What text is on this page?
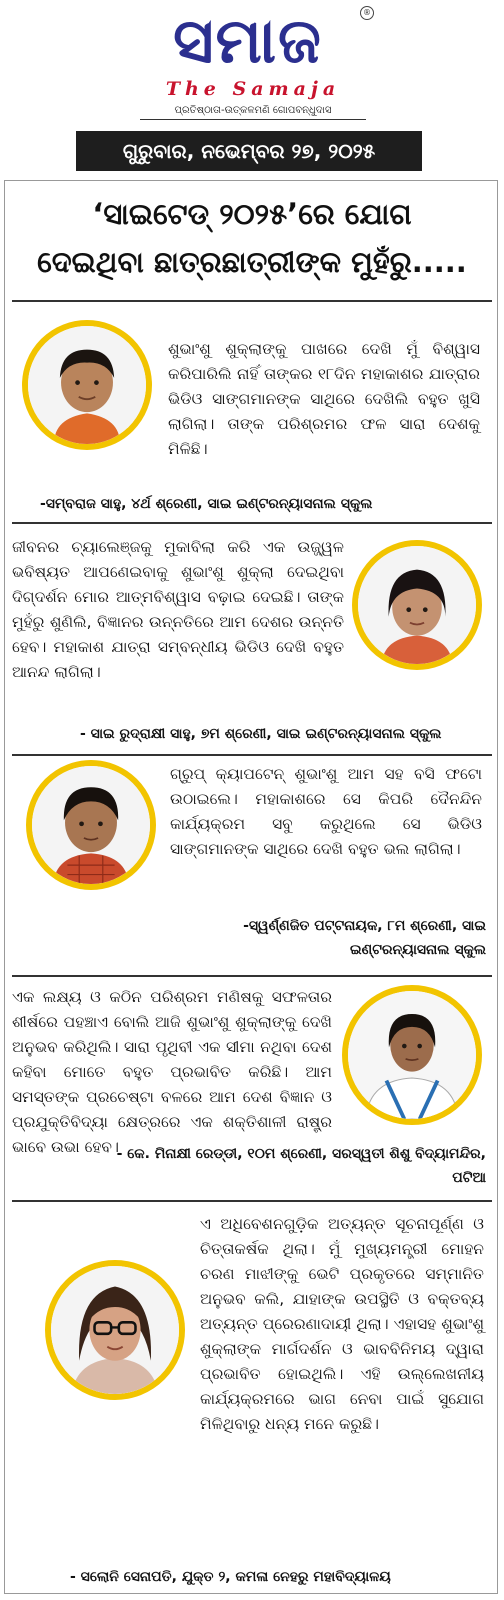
ସମାଜ	®
The Samaja
ପ୍ରତିଷ୍ଠାତା-ଉତ୍କଳମଣି ଗୋପବନ୍ଧୁଦାସ
ଗୁରୁବାର, ନଭେମ୍ବର ୨୭, ୨୦୨୫
‘ସାଇଟେଡ୍ ୨୦୨୫’ରେ ଯୋଗ
ଦେଇଥିବା ଛାତ୍ରଛାତ୍ରୀଙ୍କ ମୁହଁରୁ.....
ଶୁଭାଂଶୁ ଶୁକ୍ଲାଙ୍କୁ ପାଖରେ ଦେଖି ମୁଁ ବିଶ୍ୱାସ କରିପାରିଲି ନାହିଁ ତାଙ୍କର ୧୮ଦିନ ମହାକାଶର ଯାତ୍ରାର ଭିଡିଓ ସାଙ୍ଗମାନଙ୍କ ସାଥିରେ ଦେଖିଲି ବହୁତ ଖୁସି ଲାଗିଲା। ତାଙ୍କ ପରିଶ୍ରମର ଫଳ ସାରା ଦେଶକୁ ମିଳିଛି।
-ସମ୍ବରାଜ ସାହୁ, ୪ର୍ଥ ଶ୍ରେଣୀ, ସାଇ ଇଣ୍ଟରନ୍ୟାସନାଲ ସ୍କୁଲ
ଜୀବନର ଚ୍ୟାଲେଞ୍ଜକୁ ମୁକାବିଲା କରି ଏକ ଉଜ୍ଜ୍ୱଳ ଭବିଷ୍ୟତ ଆପଣେଇବାକୁ ଶୁଭାଂଶୁ ଶୁକ୍ଲା ଦେଇଥିବା ଦିଗ୍‌ଦର୍ଶନ ମୋର ଆତ୍ମବିଶ୍ୱାସ ବଢ଼ାଇ ଦେଇଛି। ତାଙ୍କ ମୁହଁରୁ ଶୁଣିଲି, ବିଜ୍ଞାନର ଉନ୍ନତିରେ ଆମ ଦେଶର ଉନ୍ନତି ହେବ। ମହାକାଶ ଯାତ୍ରା ସମ୍ବନ୍ଧୀୟ ଭିଡିଓ ଦେଖି ବହୁତ ଆନନ୍ଦ ଲାଗିଲା।
- ସାଇ ରୁଦ୍ରାକ୍ଷୀ ସାହୁ, ୭ମ ଶ୍ରେଣୀ, ସାଇ ଇଣ୍ଟରନ୍ୟାସନାଲ ସ୍କୁଲ
ଗ୍ରୁପ୍ କ୍ୟାପଟେନ୍ ଶୁଭାଂଶୁ ଆମ ସହ ବସି ଫଟୋ ଉଠାଇଲେ। ମହାକାଶରେ ସେ କିପରି ଦୈନନ୍ଦିନ କାର୍ଯ୍ୟକ୍ରମ ସବୁ କରୁଥିଲେ ସେ ଭିଡିଓ ସାଙ୍ଗମାନଙ୍କ ସାଥିରେ ଦେଖି ବହୁତ ଭଲ ଲାଗିଲା।
-ସ୍ୱର୍ଣ୍ଣଜିତ ପଟ୍ଟନାୟକ, ୮ମ ଶ୍ରେଣୀ, ସାଇ
ଇଣ୍ଟରନ୍ୟାସନାଲ ସ୍କୁଲ
ଏକ ଲକ୍ଷ୍ୟ ଓ କଠିନ ପରିଶ୍ରମ ମଣିଷକୁ ସଫଳତାର ଶୀର୍ଷରେ ପହଞ୍ଚାଏ ବୋଲି ଆଜି ଶୁଭାଂଶୁ ଶୁକ୍ଲାଙ୍କୁ ଦେଖି ଅନୁଭବ କରିଥିଲି। ସାରା ପୃଥିବୀ ଏକ ସୀମା ନଥିବା ଦେଶ କହିବା ମୋତେ ବହୁତ ପ୍ରଭାବିତ କରିଛି। ଆମ ସମସ୍ତଙ୍କ ପ୍ରଚେଷ୍ଟା ବଳରେ ଆମ ଦେଶ ବିଜ୍ଞାନ ଓ ପ୍ରଯୁକ୍ତିବିଦ୍ୟା କ୍ଷେତ୍ରରେ ଏକ ଶକ୍ତିଶାଳୀ ରାଷ୍ଟ୍ର ଭାବେ ଉଭା ହେବ।
- କେ. ମିନାକ୍ଷୀ ରେଡ୍ଡୀ, ୧୦ମ ଶ୍ରେଣୀ, ସରସ୍ୱତୀ ଶିଶୁ ବିଦ୍ୟାମନ୍ଦିର,
ପଟିଆ
ଏ ଅଧିବେଶନଗୁଡ଼ିକ ଅତ୍ୟନ୍ତ ସୂଚନାପୂର୍ଣ୍ଣ ଓ ଚିତ୍ତାକର୍ଷକ ଥିଲା। ମୁଁ ମୁଖ୍ୟମନ୍ତ୍ରୀ ମୋହନ ଚରଣ ମାଝୀଙ୍କୁ ଭେଟି ପ୍ରକୃତରେ ସମ୍ମାନିତ ଅନୁଭବ କଲି, ଯାହାଙ୍କ ଉପସ୍ଥିତି ଓ ବକ୍ତବ୍ୟ ଅତ୍ୟନ୍ତ ପ୍ରେରଣାଦାୟୀ ଥିଲା। ଏହାସହ ଶୁଭାଂଶୁ ଶୁକ୍ଲାଙ୍କ ମାର୍ଗଦର୍ଶନ ଓ ଭାବବିନିମୟ ଦ୍ୱାରା ପ୍ରଭାବିତ ହୋଇଥିଲି। ଏହି ଉଲ୍ଲେଖନୀୟ କାର୍ଯ୍ୟକ୍ରମରେ ଭାଗ ନେବା ପାଇଁ ସୁଯୋଗ ମିଳିଥିବାରୁ ଧନ୍ୟ ମନେ କରୁଛି।
- ସଲୋନି ସେନାପତି, ଯୁକ୍ତ ୨, କମଳା ନେହରୁ ମହାବିଦ୍ୟାଳୟ
